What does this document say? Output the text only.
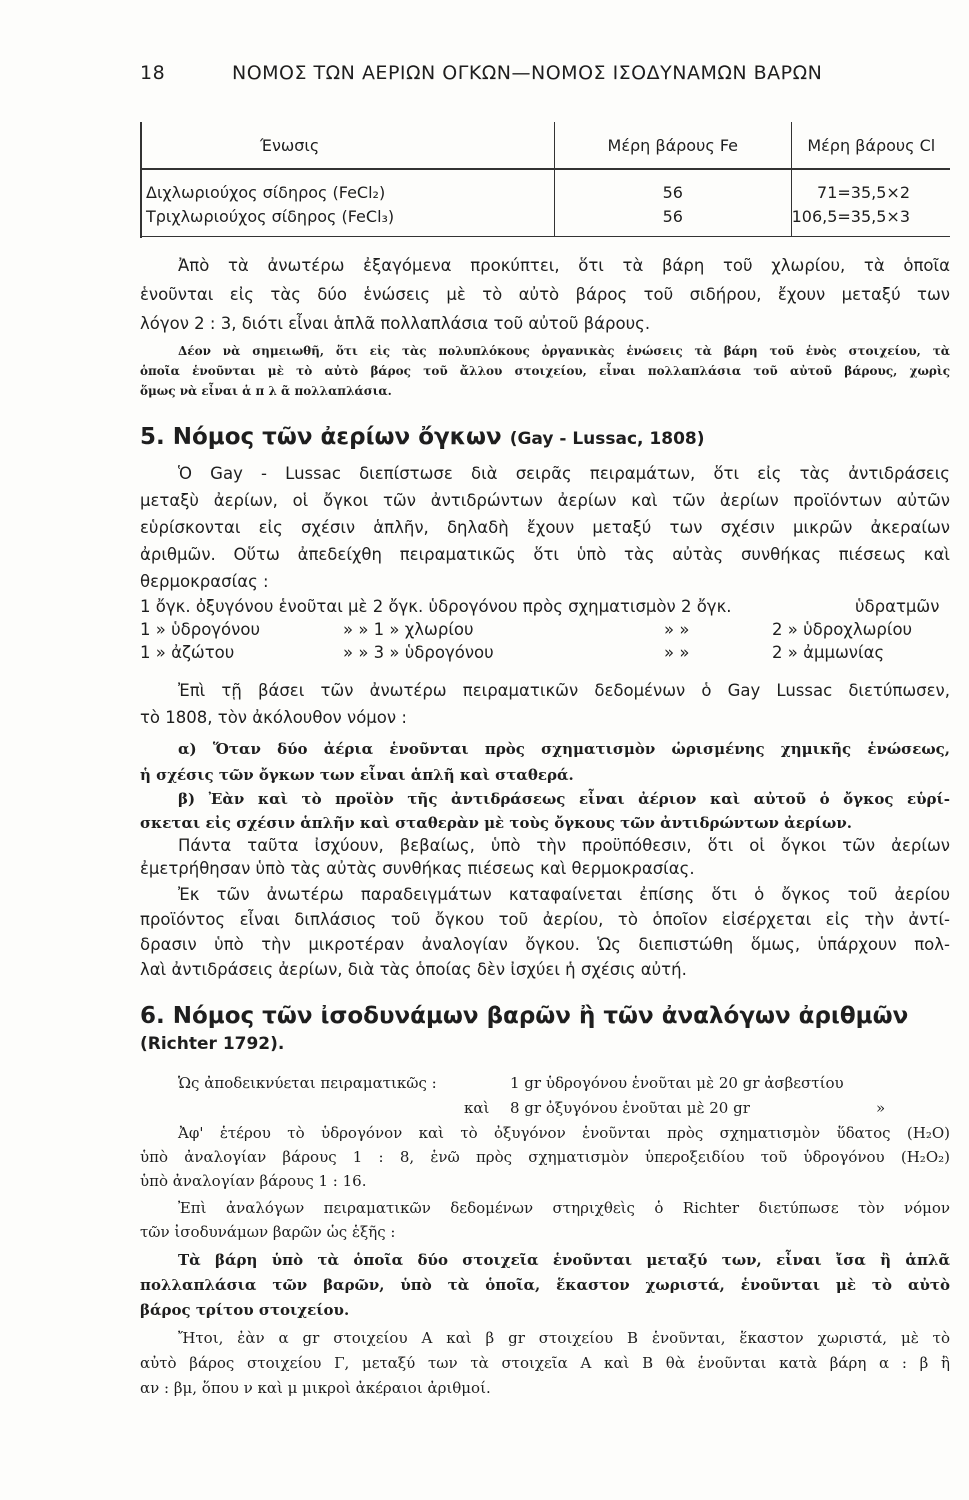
18	ΝΟΜΟΣ ΤΩΝ ΑΕΡΙΩΝ ΟΓΚΩΝ—ΝΟΜΟΣ ΙΣΟΔΥΝΑΜΩΝ ΒΑΡΩΝ
Ένωσις	Μέρη βάρους Fe	Μέρη βάρους Cl
Διχλωριούχος σίδηρος (FeCl₂)	56	71=35,5×2
Τριχλωριούχος σίδηρος (FeCl₃)	56	106,5=35,5×3
Ἀπὸ τὰ ἀνωτέρω ἐξαγόμενα προκύπτει, ὅτι τὰ βάρη τοῦ χλωρίου, τὰ ὁποῖα
ἑνοῦνται εἰς τὰς δύο ἑνώσεις μὲ τὸ αὐτὸ βάρος τοῦ σιδήρου, ἔχουν μεταξύ των
λόγον 2 : 3, διότι εἶναι ἁπλᾶ πολλαπλάσια τοῦ αὐτοῦ βάρους.
Δέον νὰ σημειωθῆ, ὅτι εἰς τὰς πολυπλόκους ὀργανικὰς ἑνώσεις τὰ βάρη τοῦ ἑνὸς στοιχείου, τὰ
ὁποῖα ἑνοῦνται μὲ τὸ αὐτὸ βάρος τοῦ ἄλλου στοιχείου, εἶναι πολλαπλάσια τοῦ αὐτοῦ βάρους, χωρὶς
ὅμως νὰ εἶναι ἁ π λ ᾶ πολλαπλάσια.
5. Νόμος τῶν ἀερίων ὄγκων (Gay - Lussac, 1808)
Ὁ Gay - Lussac διεπίστωσε διὰ σειρᾶς πειραμάτων, ὅτι εἰς τὰς ἀντιδράσεις
μεταξὺ ἀερίων, οἱ ὄγκοι τῶν ἀντιδρώντων ἀερίων καὶ τῶν ἀερίων προϊόντων αὐτῶν
εὑρίσκονται εἰς σχέσιν ἁπλῆν, δηλαδὴ ἔχουν μεταξύ των σχέσιν μικρῶν ἀκεραίων
ἀριθμῶν. Οὕτω ἀπεδείχθη πειραματικῶς ὅτι ὑπὸ τὰς αὐτὰς συνθήκας πιέσεως καὶ
θερμοκρασίας :
1 ὄγκ. ὀξυγόνου ἑνοῦται μὲ 2 ὄγκ. ὑδρογόνου πρὸς σχηματισμὸν 2 ὄγκ.	ὑδρατμῶν
1 » ὑδρογόνου	» » 1 » χλωρίου	» »	2 » ὑδροχλωρίου
1 » ἀζώτου	» » 3 » ὑδρογόνου	» »	2 » ἀμμωνίας
Ἐπὶ τῇ βάσει τῶν ἀνωτέρω πειραματικῶν δεδομένων ὁ Gay Lussac διετύπωσεν,
τὸ 1808, τὸν ἀκόλουθον νόμον :
α) Ὅταν δύο ἀέρια ἑνοῦνται πρὸς σχηματισμὸν ὡρισμένης χημικῆς ἑνώσεως,
ἡ σχέσις τῶν ὄγκων των εἶναι ἁπλῆ καὶ σταθερά.
β) Ἐὰν καὶ τὸ προϊὸν τῆς ἀντιδράσεως εἶναι ἀέριον καὶ αὐτοῦ ὁ ὄγκος εὑρί-
σκεται εἰς σχέσιν ἁπλῆν καὶ σταθερὰν μὲ τοὺς ὄγκους τῶν ἀντιδρώντων ἀερίων.
Πάντα ταῦτα ἰσχύουν, βεβαίως, ὑπὸ τὴν προϋπόθεσιν, ὅτι οἱ ὄγκοι τῶν ἀερίων
ἐμετρήθησαν ὑπὸ τὰς αὐτὰς συνθήκας πιέσεως καὶ θερμοκρασίας.
Ἐκ τῶν ἀνωτέρω παραδειγμάτων καταφαίνεται ἐπίσης ὅτι ὁ ὄγκος τοῦ ἀερίου
προϊόντος εἶναι διπλάσιος τοῦ ὄγκου τοῦ ἀερίου, τὸ ὁποῖον εἰσέρχεται εἰς τὴν ἀντί-
δρασιν ὑπὸ τὴν μικροτέραν ἀναλογίαν ὄγκου. Ὡς διεπιστώθη ὅμως, ὑπάρχουν πολ-
λαὶ ἀντιδράσεις ἀερίων, διὰ τὰς ὁποίας δὲν ἰσχύει ἡ σχέσις αὐτή.
6. Νόμος τῶν ἰσοδυνάμων βαρῶν ἢ τῶν ἀναλόγων ἀριθμῶν
(Richter 1792).
Ὡς ἀποδεικνύεται πειραματικῶς :	1 gr ὑδρογόνου ἑνοῦται μὲ 20 gr ἀσβεστίου
καὶ 8 gr ὀξυγόνου ἑνοῦται μὲ 20 gr	»
Ἀφ' ἑτέρου τὸ ὑδρογόνον καὶ τὸ ὀξυγόνον ἑνοῦνται πρὸς σχηματισμὸν ὕδατος (H₂O)
ὑπὸ ἀναλογίαν βάρους 1 : 8, ἑνῶ πρὸς σχηματισμὸν ὑπεροξειδίου τοῦ ὑδρογόνου (H₂O₂)
ὑπὸ ἀναλογίαν βάρους 1 : 16.
Ἐπὶ ἀναλόγων πειραματικῶν δεδομένων στηριχθεὶς ὁ Richter διετύπωσε τὸν νόμον
τῶν ἰσοδυνάμων βαρῶν ὡς ἑξῆς :
Τὰ βάρη ὑπὸ τὰ ὁποῖα δύο στοιχεῖα ἑνοῦνται μεταξύ των, εἶναι ἴσα ἢ ἁπλᾶ
πολλαπλάσια τῶν βαρῶν, ὑπὸ τὰ ὁποῖα, ἕκαστον χωριστά, ἑνοῦνται μὲ τὸ αὐτὸ
βάρος τρίτου στοιχείου.
Ἤτοι, ἐὰν α gr στοιχείου Α καὶ β gr στοιχείου Β ἑνοῦνται, ἕκαστον χωριστά, μὲ τὸ
αὐτὸ βάρος στοιχείου Γ, μεταξύ των τὰ στοιχεῖα Α καὶ Β θὰ ἑνοῦνται κατὰ βάρη α : β ἢ
αν : βμ, ὅπου ν καὶ μ μικροὶ ἀκέραιοι ἀριθμοί.
